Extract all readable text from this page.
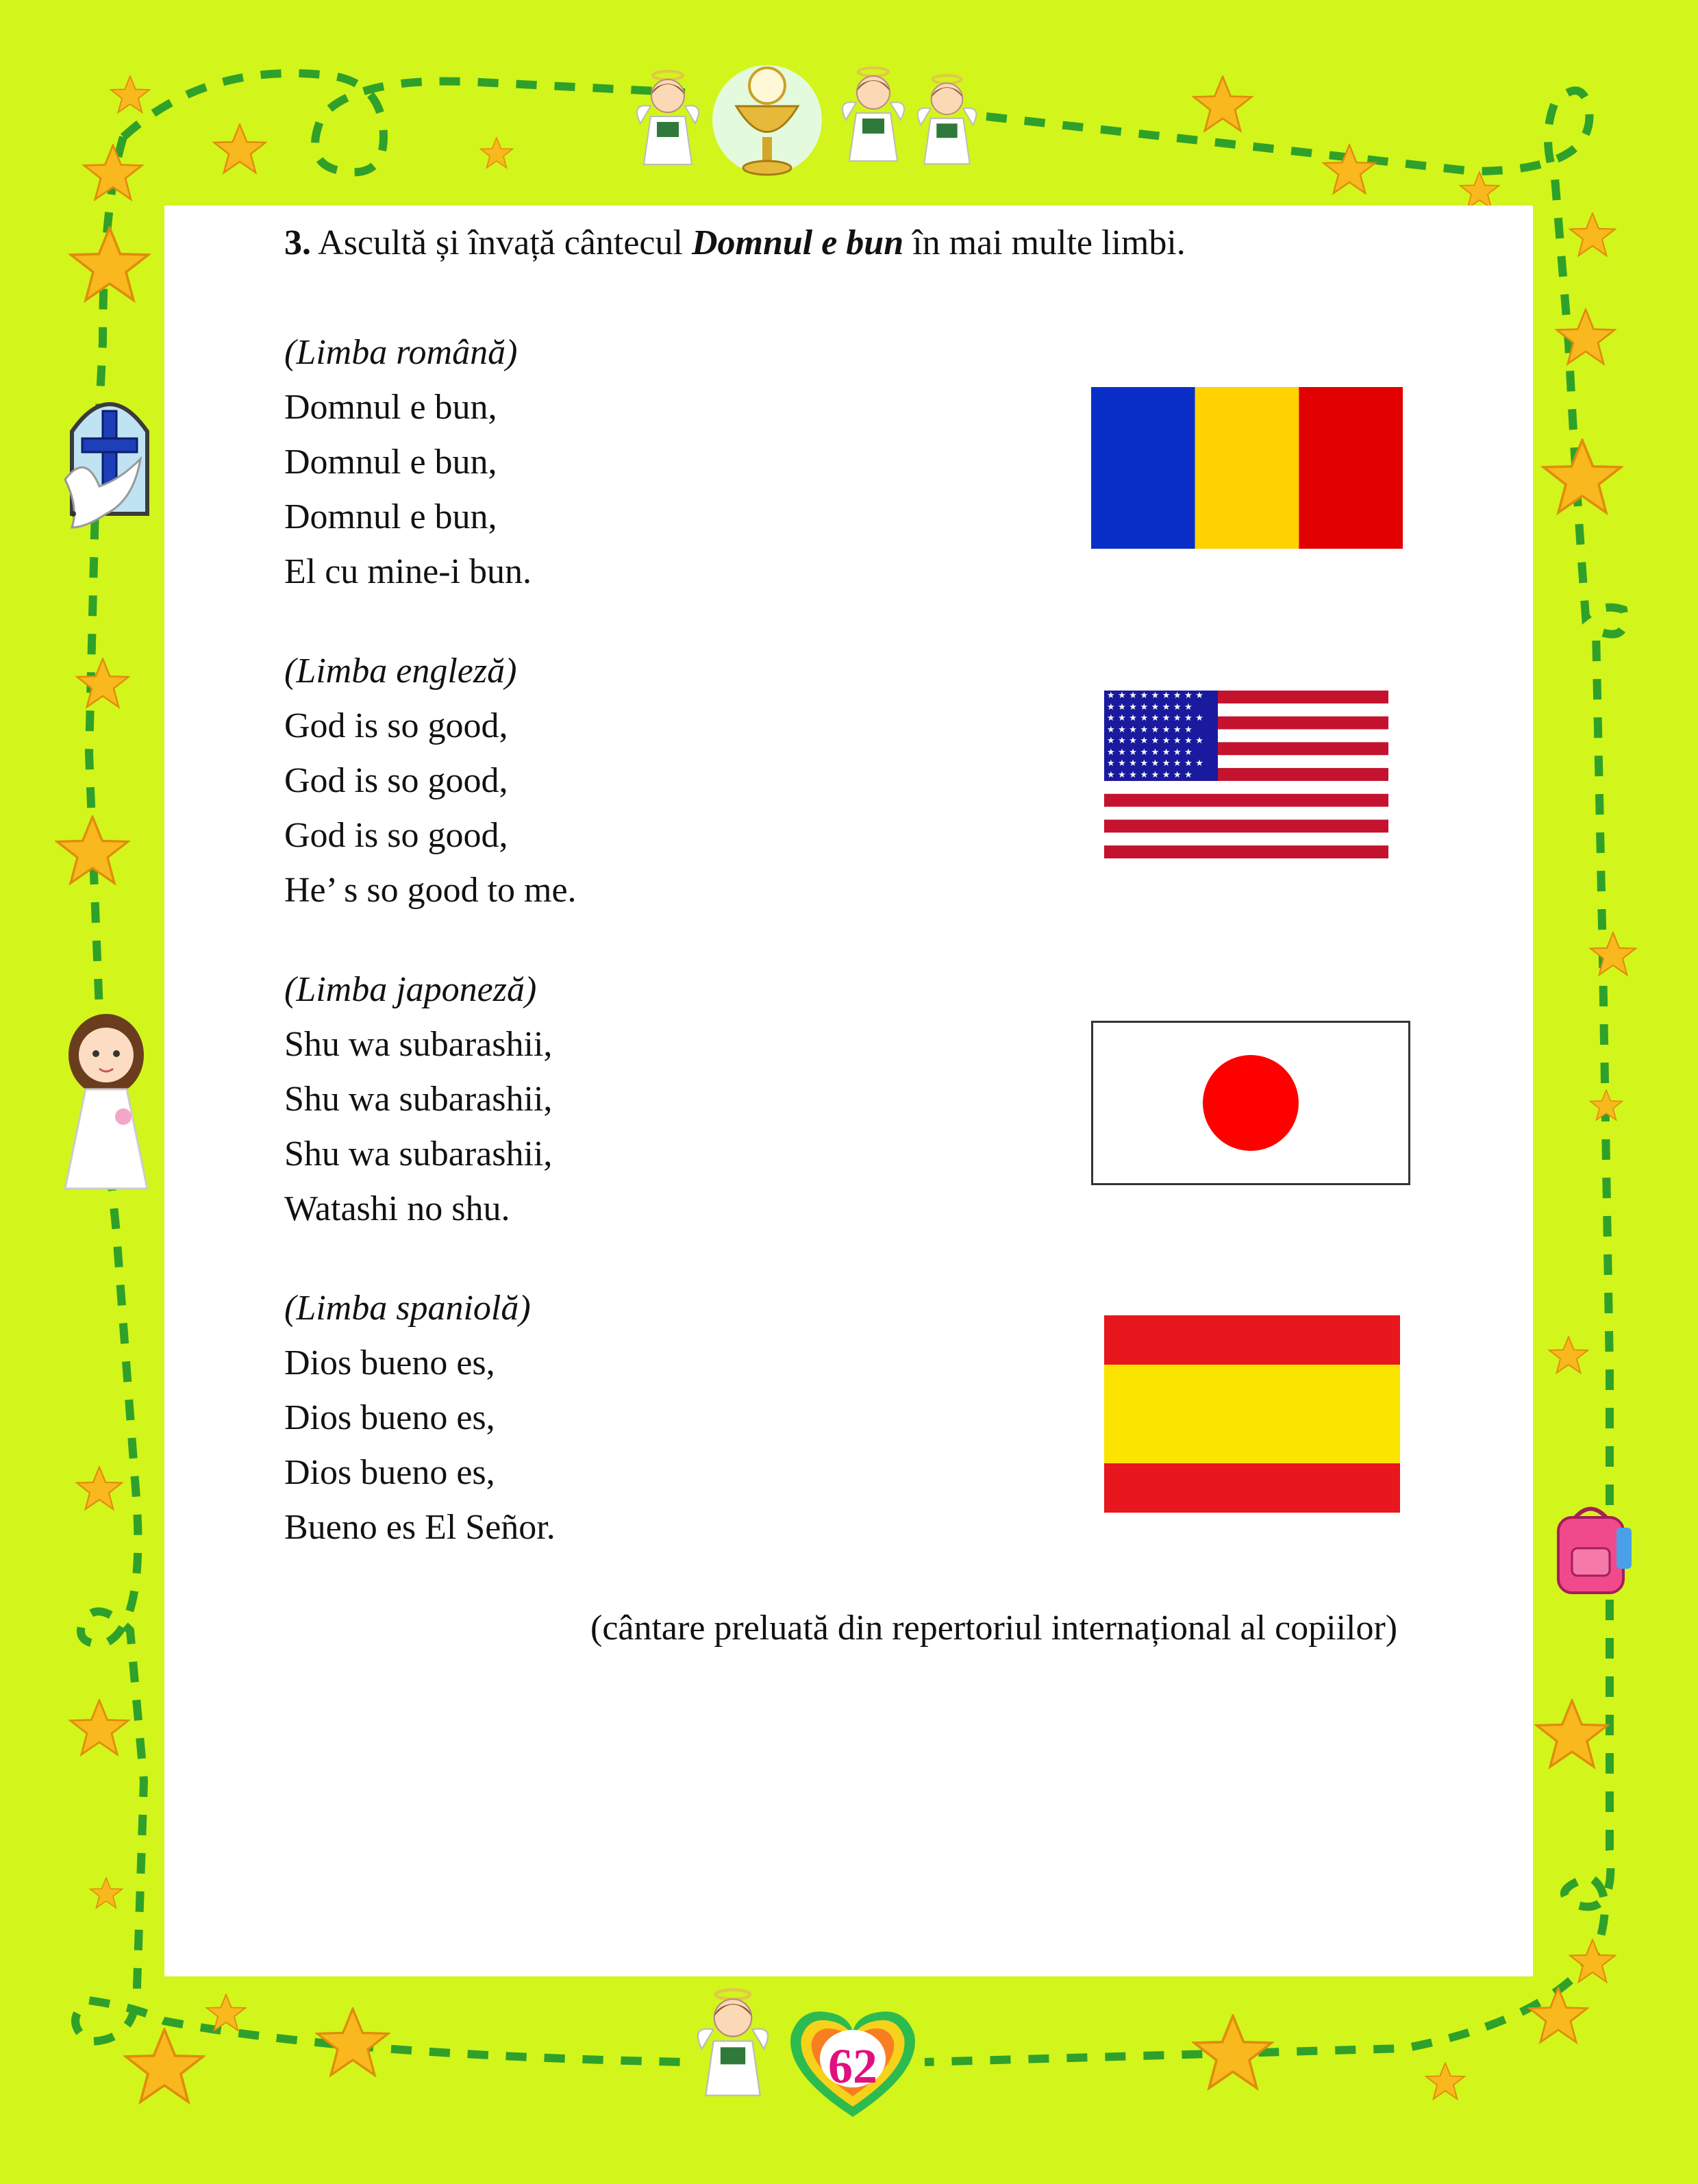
62
3. Ascultă și învață cântecul Domnul e bun în mai multe limbi.
(Limba română)
Domnul e bun,
Domnul e bun,
Domnul e bun,
El cu mine-i bun.
(Limba engleză)
God is so good,
God is so good,
God is so good,
He’ s so good to me.
★★★★★★★★★
★★★★★★★★
★★★★★★★★★
★★★★★★★★
★★★★★★★★★
★★★★★★★★
★★★★★★★★★
★★★★★★★★
(Limba japoneză)
Shu wa subarashii,
Shu wa subarashii,
Shu wa subarashii,
Watashi no shu.
(Limba spaniolă)
Dios bueno es,
Dios bueno es,
Dios bueno es,
Bueno es El Señor.
(cântare preluată din repertoriul internațional al copiilor)
